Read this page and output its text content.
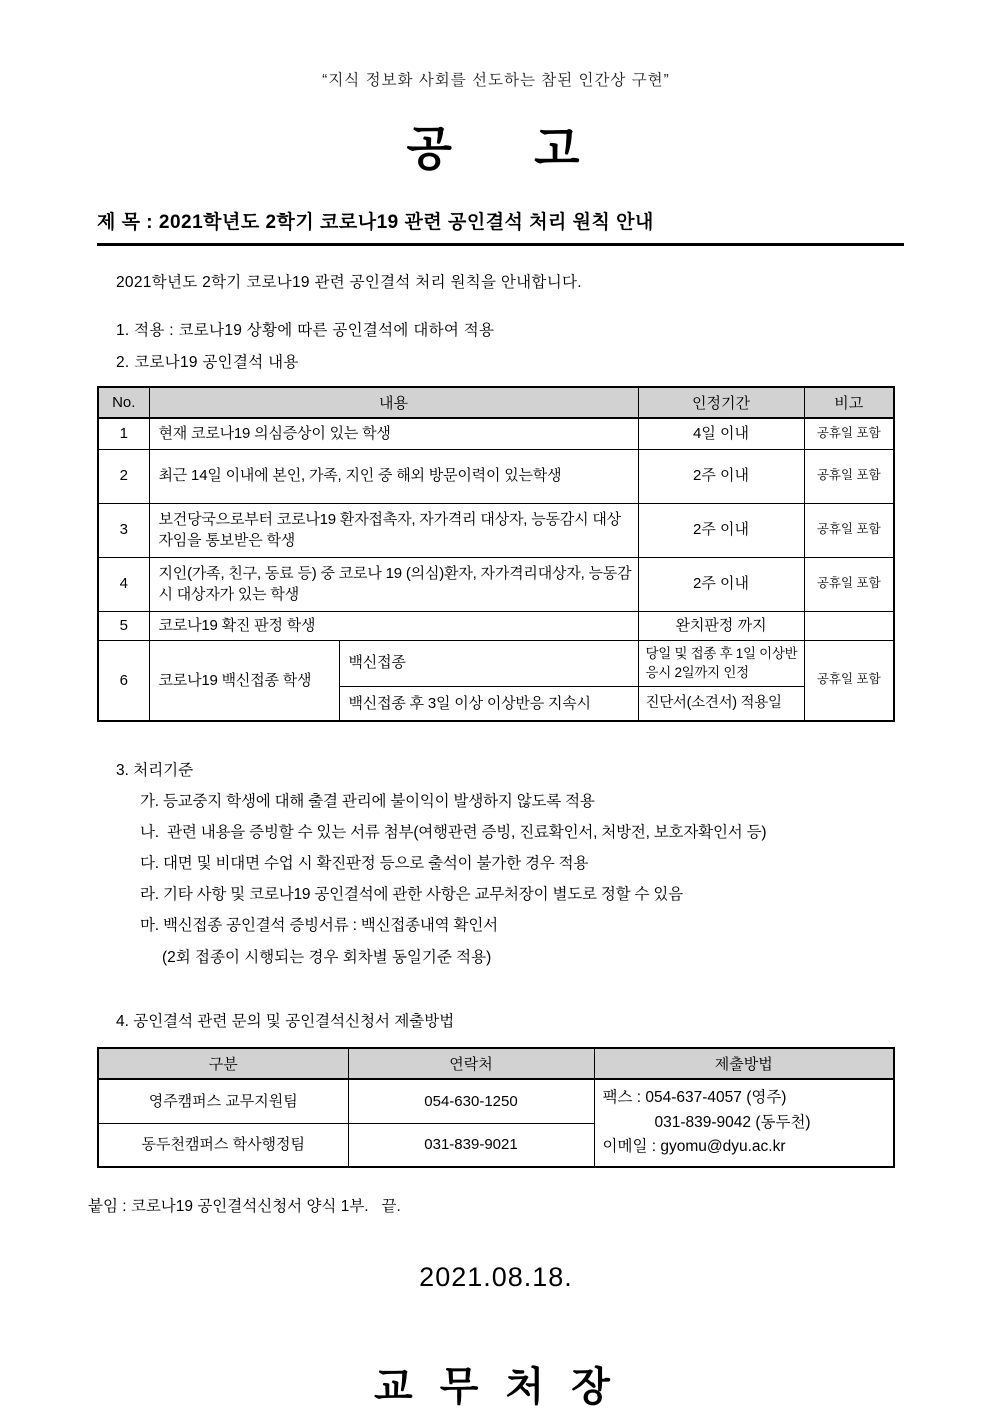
“지식 정보화 사회를 선도하는 참된 인간상 구현”
공    고
제 목 : 2021학년도 2학기 코로나19 관련 공인결석 처리 원칙 안내
2021학년도 2학기 코로나19 관련 공인결석 처리 원칙을 안내합니다.
1. 적용 : 코로나19 상황에 따른 공인결석에 대하여 적용
2. 코로나19 공인결석 내용
No.	내용		인정기간	비고
1	현재 코로나19 의심증상이 있는 학생		4일 이내	공휴일 포함
2	최근 14일 이내에 본인, 가족, 지인 중 해외 방문이력이 있는학생		2주 이내	공휴일 포함
3	보건당국으로부터 코로나19 환자접촉자, 자가격리 대상자, 능동감시 대상자임을 통보받은 학생		2주 이내	공휴일 포함
4	지인(가족, 친구, 동료 등) 중 코로나 19 (의심)환자, 자가격리대상자, 능동감시 대상자가 있는 학생		2주 이내	공휴일 포함
5	코로나19 확진 판정 학생		완치판정 까지	
6	코로나19 백신접종 학생	백신접종	당일 및 접종 후 1일 이상반응시 2일까지 인정	공휴일 포함
		백신접종 후 3일 이상 이상반응 지속시	진단서(소견서) 적용일	
3. 처리기준
가. 등교중지 학생에 대해 출결 관리에 불이익이 발생하지 않도록 적용
나.  관련 내용을 증빙할 수 있는 서류 첨부(여행관련 증빙, 진료확인서, 처방전, 보호자확인서 등)
다. 대면 및 비대면 수업 시 확진판정 등으로 출석이 불가한 경우 적용
라. 기타 사항 및 코로나19 공인결석에 관한 사항은 교무처장이 별도로 정할 수 있음
마. 백신접종 공인결석 증빙서류 : 백신접종내역 확인서
(2회 접종이 시행되는 경우 회차별 동일기준 적용)
4. 공인결석 관련 문의 및 공인결석신청서 제출방법
구분	연락처	제출방법
영주캠퍼스 교무지원팀	054-630-1250	팩스 : 054-637-4057 (영주)
031-839-9042 (동두천)
이메일 : gyomu@dyu.ac.kr

동두천캠퍼스 학사행정팀	031-839-9021	
붙임 : 코로나19 공인결석신청서 양식 1부.   끝.
2021.08.18.
교 무 처 장
